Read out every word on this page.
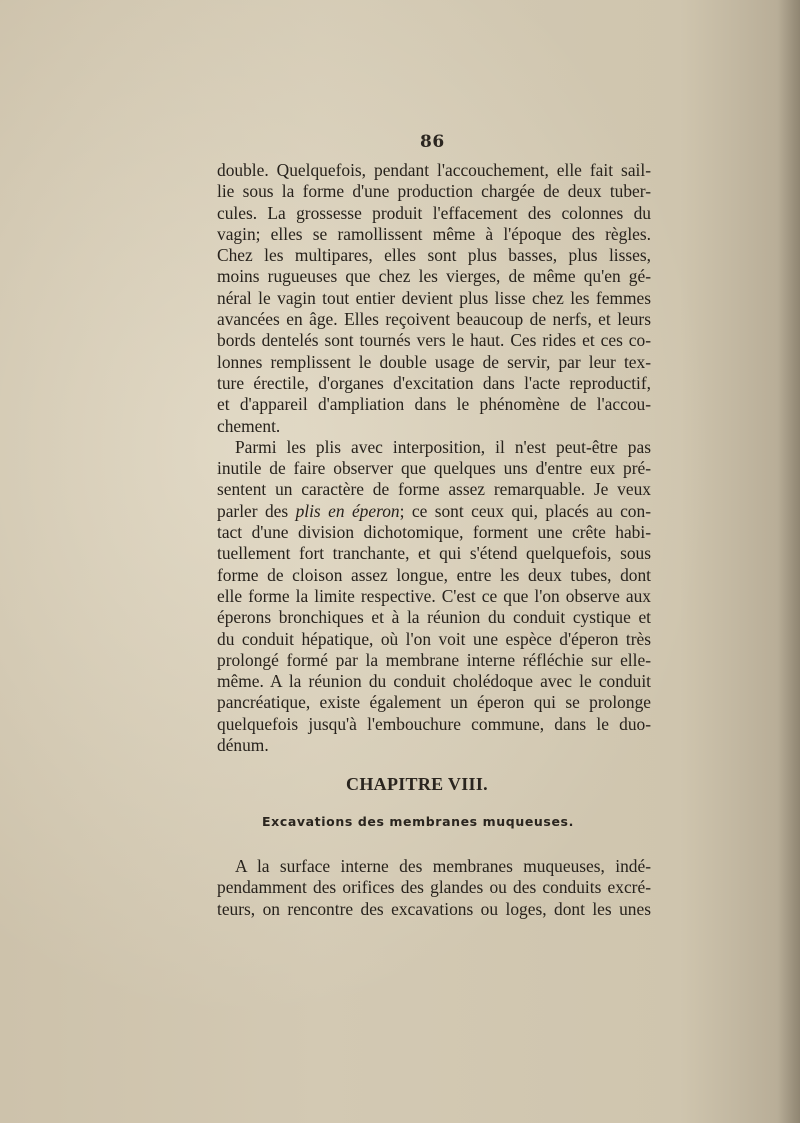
86
double. Quelquefois, pendant l'accouchement, elle fait sail-
lie sous la forme d'une production chargée de deux tuber-
cules. La grossesse produit l'effacement des colonnes du
vagin; elles se ramollissent même à l'époque des règles.
Chez les multipares, elles sont plus basses, plus lisses,
moins rugueuses que chez les vierges, de même qu'en gé-
néral le vagin tout entier devient plus lisse chez les femmes
avancées en âge. Elles reçoivent beaucoup de nerfs, et leurs
bords dentelés sont tournés vers le haut. Ces rides et ces co-
lonnes remplissent le double usage de servir, par leur tex-
ture érectile, d'organes d'excitation dans l'acte reproductif,
et d'appareil d'ampliation dans le phénomène de l'accou-
chement.
Parmi les plis avec interposition, il n'est peut-être pas
inutile de faire observer que quelques uns d'entre eux pré-
sentent un caractère de forme assez remarquable. Je veux
parler des plis en éperon; ce sont ceux qui, placés au con-
tact d'une division dichotomique, forment une crête habi-
tuellement fort tranchante, et qui s'étend quelquefois, sous
forme de cloison assez longue, entre les deux tubes, dont
elle forme la limite respective. C'est ce que l'on observe aux
éperons bronchiques et à la réunion du conduit cystique et
du conduit hépatique, où l'on voit une espèce d'éperon très
prolongé formé par la membrane interne réfléchie sur elle-
même. A la réunion du conduit cholédoque avec le conduit
pancréatique, existe également un éperon qui se prolonge
quelquefois jusqu'à l'embouchure commune, dans le duo-
dénum.
CHAPITRE VIII.
Excavations des membranes muqueuses.
A la surface interne des membranes muqueuses, indé-
pendamment des orifices des glandes ou des conduits excré-
teurs, on rencontre des excavations ou loges, dont les unes
